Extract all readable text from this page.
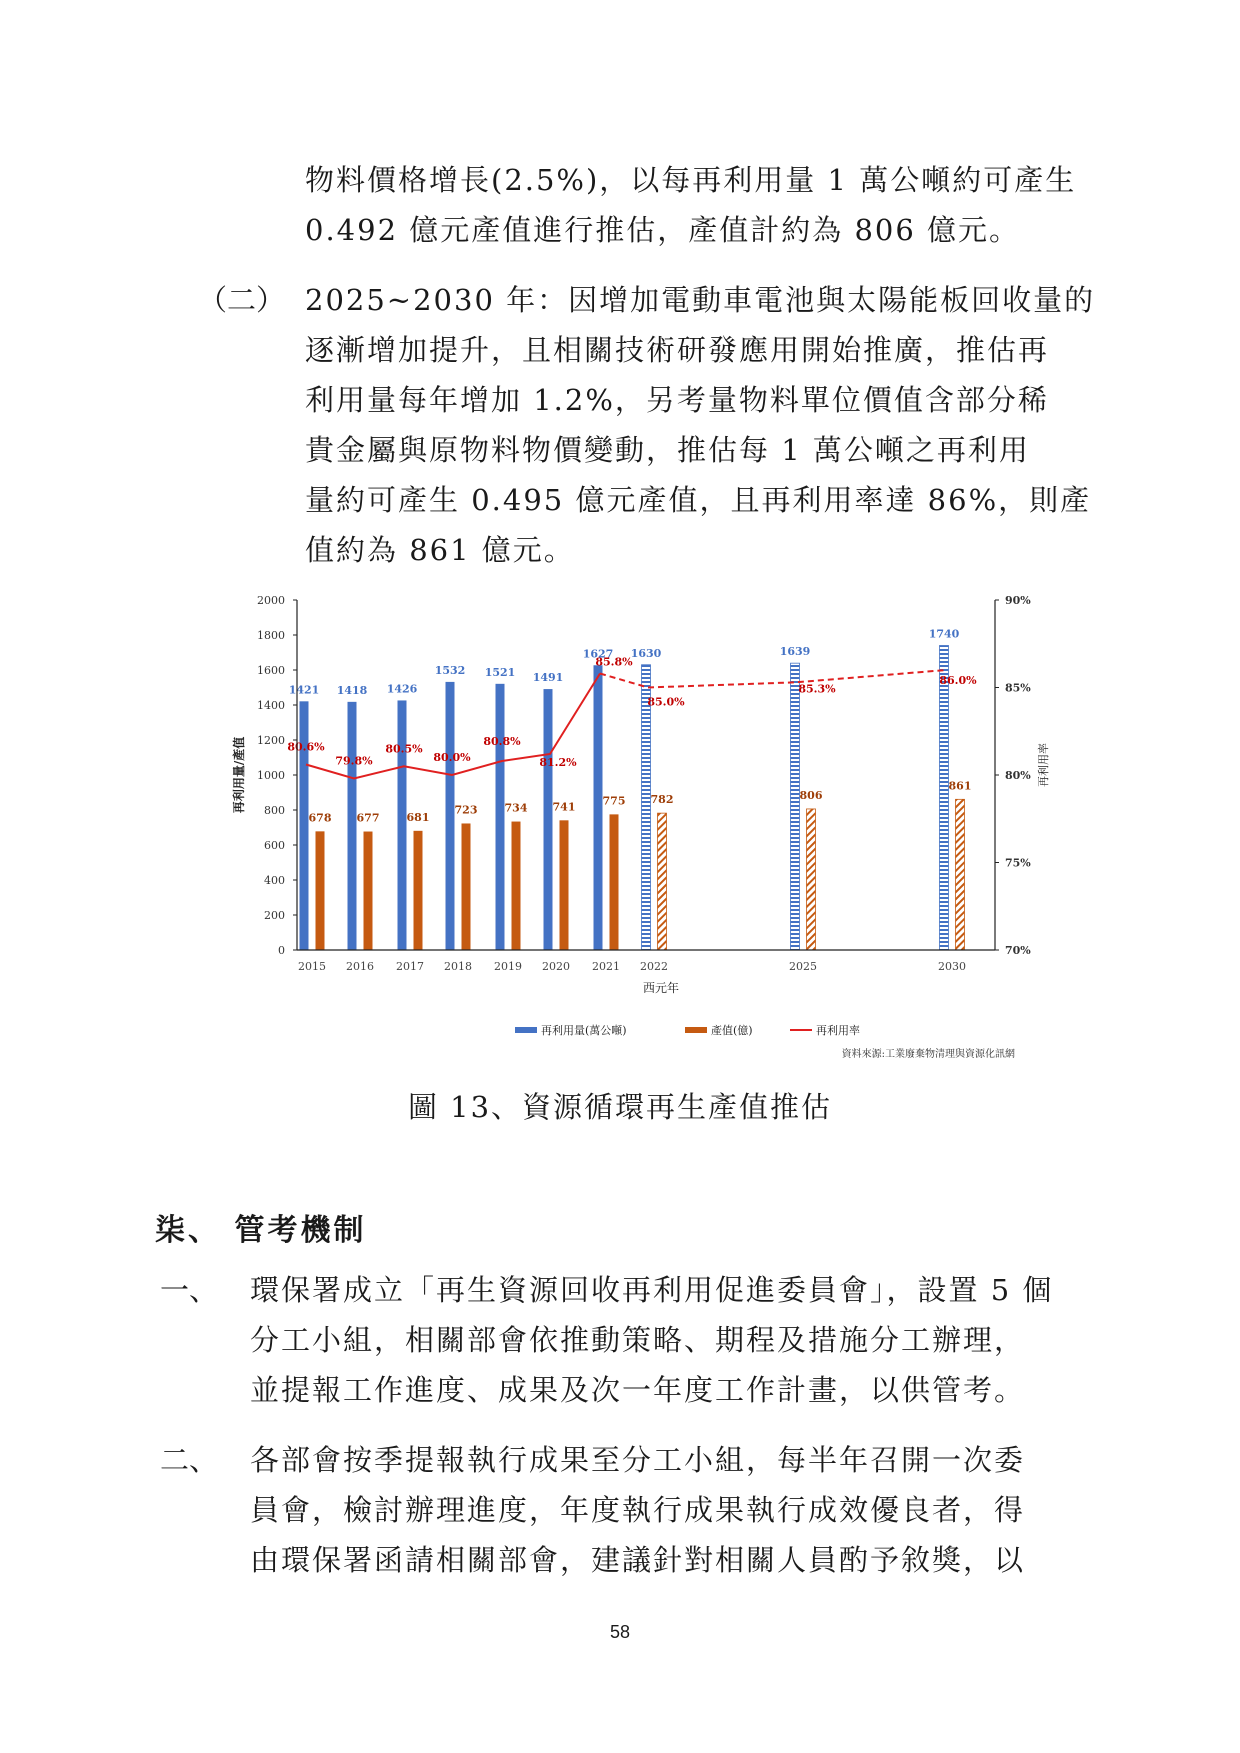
物料價格增長(2.5%)，以每再利用量 1 萬公噸約可產生
0.492 億元產值進行推估，產值計約為 806 億元。
（二） 2025~2030 年：因增加電動車電池與太陽能板回收量的
逐漸增加提升，且相關技術研發應用開始推廣，推估再
利用量每年增加 1.2%，另考量物料單位價值含部分稀
貴金屬與原物料物價變動，推估每 1 萬公噸之再利用
量約可產生 0.495 億元產值，且再利用率達 86%，則產
值約為 861 億元。
1421
678
1418
677
1426
681
1532
723
1521
734
1491
741
1627
775
1630
782
1639
806
1740
861
80.6%
79.8%
80.5%
80.0%
80.8%
81.2%
85.8%
85.0%
85.3%
86.0%
0
200
400
600
800
1000
1200
1400
1600
1800
2000
70%
75%
80%
85%
90%
再利用量/產值	再利用率
西元年
2015 2016 2017 2018 2019 2020 2021 2022	2025	2030
再利用量(萬公噸)	產值(億)	再利用率
資料來源:工業廢棄物清理與資源化訊網
圖 13、資源循環再生產值推估
柒、 管考機制
一、 環保署成立「再生資源回收再利用促進委員會」，設置 5 個
分工小組，相關部會依推動策略、期程及措施分工辦理，
並提報工作進度、成果及次一年度工作計畫，以供管考。
二、 各部會按季提報執行成果至分工小組，每半年召開一次委
員會，檢討辦理進度，年度執行成果執行成效優良者，得
由環保署函請相關部會，建議針對相關人員酌予敘獎，以
58
